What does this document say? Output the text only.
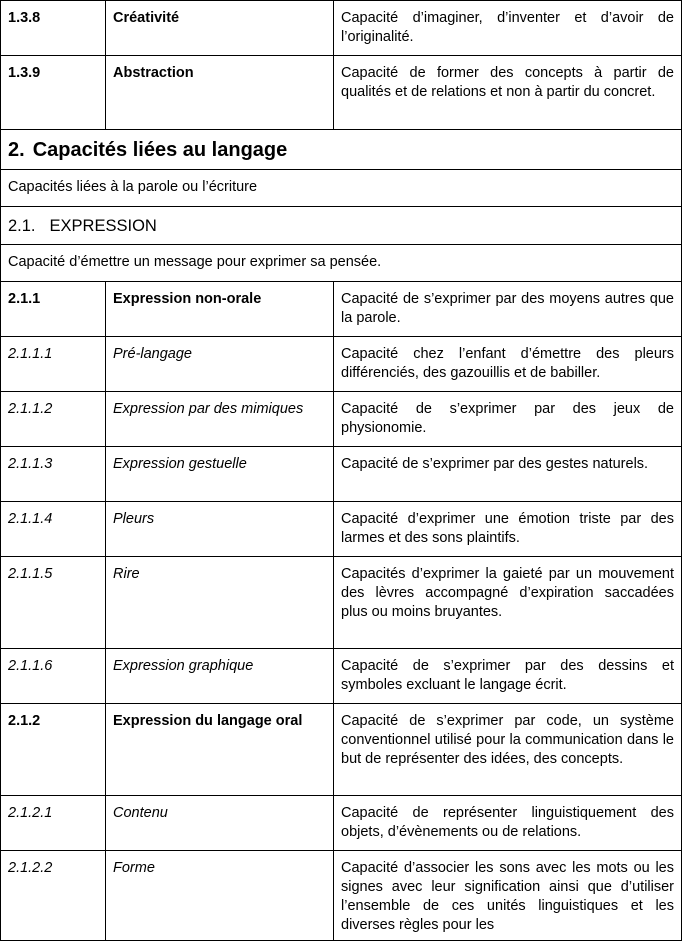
1.3.8	Créativité	Capacité d’imaginer, d’inventer et d’avoir de l’originalité.
1.3.9	Abstraction	Capacité de former des concepts à partir de qualités et de relations et non à partir du concret.
2. Capacités liées au langage		
Capacités liées à la parole ou l’écriture		
2.1. EXPRESSION		
Capacité d’émettre un message pour exprimer sa pensée.		
2.1.1	Expression non-orale	Capacité de s’exprimer par des moyens autres que la parole.
2.1.1.1	Pré-langage	Capacité chez l’enfant d’émettre des pleurs différenciés, des gazouillis et de babiller.
2.1.1.2	Expression par des mimiques	Capacité de s’exprimer par des jeux de physionomie.
2.1.1.3	Expression gestuelle	Capacité de s’exprimer par des gestes naturels.
2.1.1.4	Pleurs	Capacité d’exprimer une émotion triste par des larmes et des sons plaintifs.
2.1.1.5	Rire	Capacités d’exprimer la gaieté par un mouvement des lèvres accompagné d’expiration saccadées plus ou moins bruyantes.
2.1.1.6	Expression graphique	Capacité de s’exprimer par des dessins et symboles excluant le langage écrit.
2.1.2	Expression du langage oral	Capacité de s’exprimer par code, un système conventionnel utilisé pour la communication dans le but de représenter des idées, des concepts.
2.1.2.1	Contenu	Capacité de représenter linguistiquement des objets, d’évènements ou de relations.
2.1.2.2	Forme	Capacité d’associer les sons avec les mots ou les signes avec leur signification ainsi que d’utiliser l’ensemble de ces unités linguistiques et les diverses règles pour les
